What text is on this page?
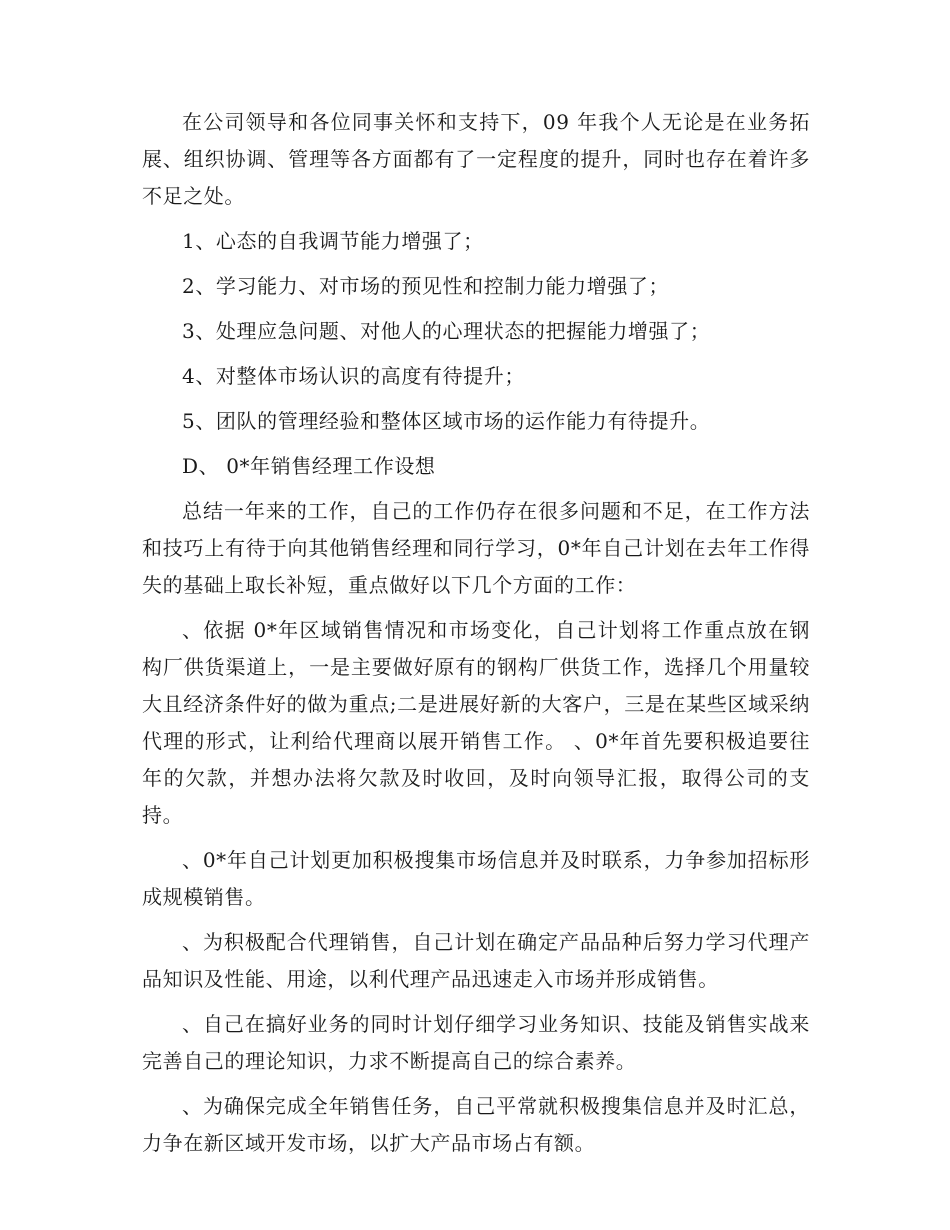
在公司领导和各位同事关怀和支持下，09 年我个人无论是在业务拓展、组织协调、管理等各方面都有了一定程度的提升，同时也存在着许多不足之处。

1、心态的自我调节能力增强了；

2、学习能力、对市场的预见性和控制力能力增强了；

3、处理应急问题、对他人的心理状态的把握能力增强了；

4、对整体市场认识的高度有待提升；

5、团队的管理经验和整体区域市场的运作能力有待提升。

D、 0*年销售经理工作设想

总结一年来的工作，自己的工作仍存在很多问题和不足，在工作方法和技巧上有待于向其他销售经理和同行学习，0*年自己计划在去年工作得失的基础上取长补短，重点做好以下几个方面的工作：

、依据 0*年区域销售情况和市场变化，自己计划将工作重点放在钢构厂供货渠道上，一是主要做好原有的钢构厂供货工作，选择几个用量较大且经济条件好的做为重点;二是进展好新的大客户，三是在某些区域采纳代理的形式，让利给代理商以展开销售工作。 、0*年首先要积极追要往年的欠款，并想办法将欠款及时收回，及时向领导汇报，取得公司的支持。

、0*年自己计划更加积极搜集市场信息并及时联系，力争参加招标形成规模销售。

、为积极配合代理销售，自己计划在确定产品品种后努力学习代理产品知识及性能、用途，以利代理产品迅速走入市场并形成销售。

、自己在搞好业务的同时计划仔细学习业务知识、技能及销售实战来完善自己的理论知识，力求不断提高自己的综合素养。

、为确保完成全年销售任务，自己平常就积极搜集信息并及时汇总，力争在新区域开发市场，以扩大产品市场占有额。
